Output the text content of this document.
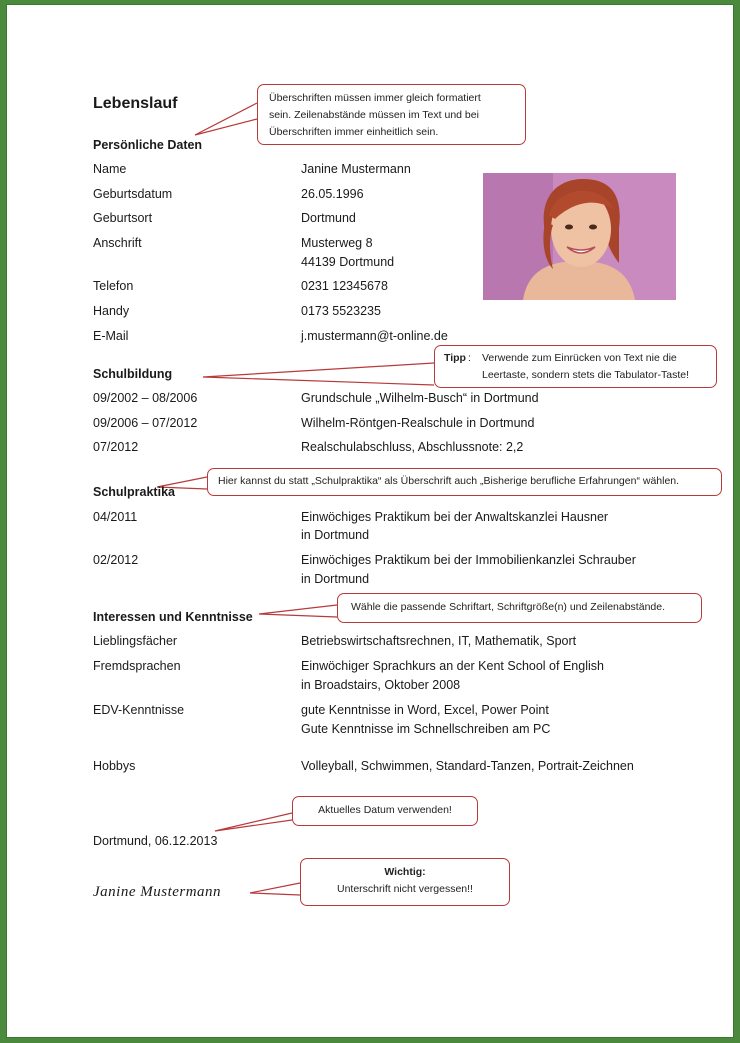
Lebenslauf
Persönliche Daten
Name	Janine Mustermann
Geburtsdatum	26.05.1996
Geburtsort	Dortmund
Anschrift	Musterweg 8
44139 Dortmund
Telefon	0231 12345678
Handy	0173 5523235
E-Mail	j.mustermann@t-online.de
Schulbildung
09/2002 – 08/2006	Grundschule „Wilhelm-Busch“ in Dortmund
09/2006 – 07/2012	Wilhelm-Röntgen-Realschule in Dortmund
07/2012	Realschulabschluss, Abschlussnote: 2,2
Schulpraktika
04/2011	Einwöchiges Praktikum bei der Anwaltskanzlei Hausner
in Dortmund
02/2012	Einwöchiges Praktikum bei der Immobilienkanzlei Schrauber
in Dortmund
Interessen und Kenntnisse
Lieblingsfächer	Betriebswirtschaftsrechnen, IT, Mathematik, Sport
Fremdsprachen	Einwöchiger Sprachkurs an der Kent School of English
in Broadstairs, Oktober 2008
EDV-Kenntnisse	gute Kenntnisse in Word, Excel, Power Point
Gute Kenntnisse im Schnellschreiben am PC
Hobbys	Volleyball, Schwimmen, Standard-Tanzen, Portrait-Zeichnen
Dortmund, 06.12.2013
Janine Mustermann
Überschriften müssen immer gleich formatiert
sein. Zeilenabstände müssen im Text und bei
Überschriften immer einheitlich sein.
Tipp :	Verwende zum Einrücken von Text nie die
Leertaste, sondern stets die Tabulator-Taste!
Hier kannst du statt „Schulpraktika“ als Überschrift auch „Bisherige berufliche Erfahrungen“ wählen.
Wähle die passende Schriftart, Schriftgröße(n) und Zeilenabstände.
Aktuelles Datum verwenden!
Wichtig:
Unterschrift nicht vergessen!!
